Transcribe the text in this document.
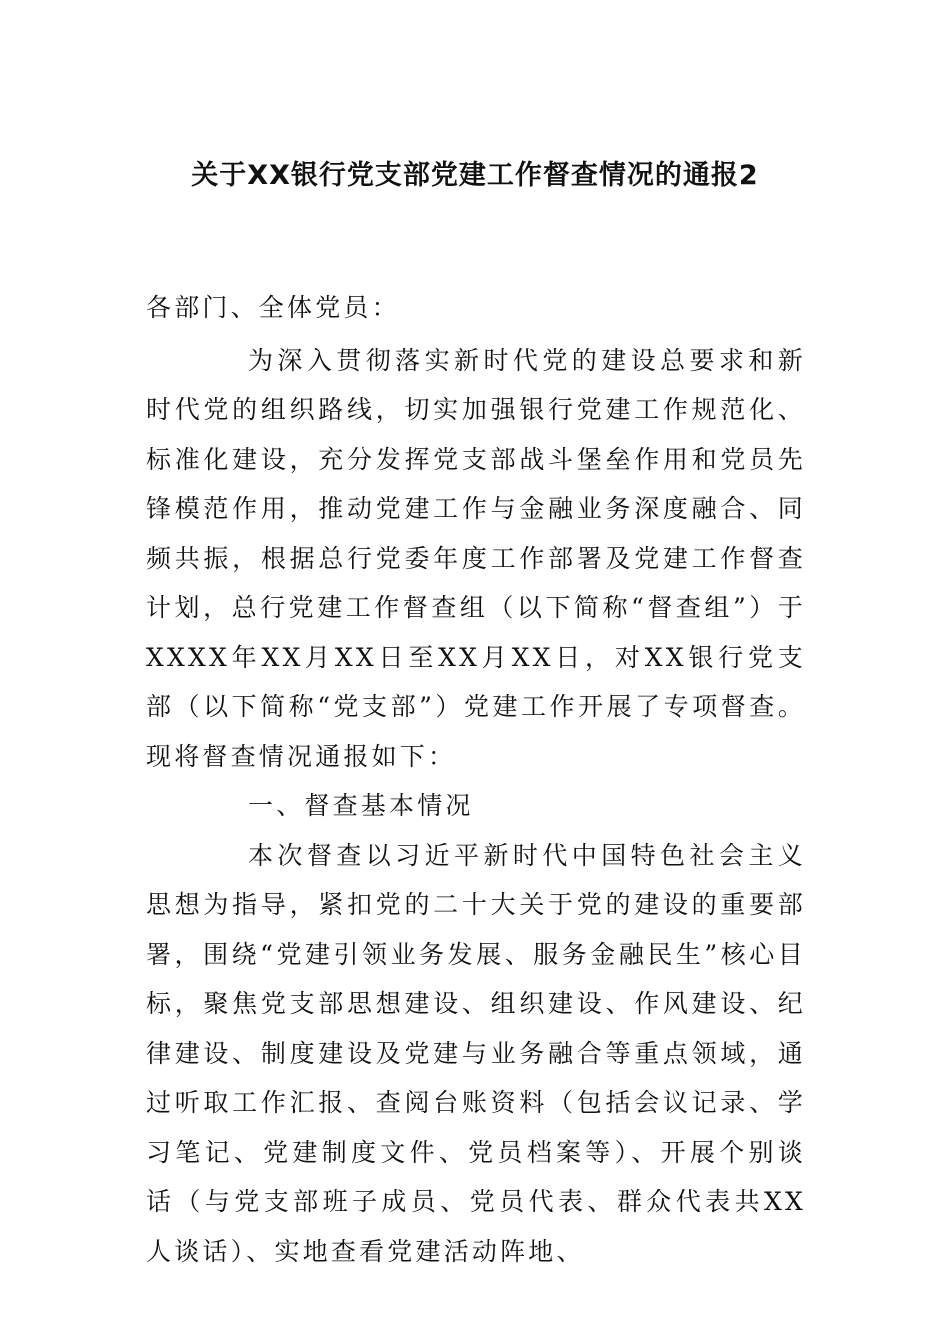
关于XX银行党支部党建工作督查情况的通报2

各部门、全体党员：

为深入贯彻落实新时代党的建设总要求和新时代党的组织路线，切实加强银行党建工作规范化、标准化建设，充分发挥党支部战斗堡垒作用和党员先锋模范作用，推动党建工作与金融业务深度融合、同频共振，根据总行党委年度工作部署及党建工作督查计划，总行党建工作督查组（以下简称“督查组”）于XXXX年XX月XX日至XX月XX日，对XX银行党支部（以下简称“党支部”）党建工作开展了专项督查。现将督查情况通报如下：

一、督查基本情况

本次督查以习近平新时代中国特色社会主义思想为指导，紧扣党的二十大关于党的建设的重要部署，围绕“党建引领业务发展、服务金融民生”核心目标，聚焦党支部思想建设、组织建设、作风建设、纪律建设、制度建设及党建与业务融合等重点领域，通过听取工作汇报、查阅台账资料（包括会议记录、学习笔记、党建制度文件、党员档案等）、开展个别谈话（与党支部班子成员、党员代表、群众代表共XX人谈话）、实地查看党建活动阵地、
